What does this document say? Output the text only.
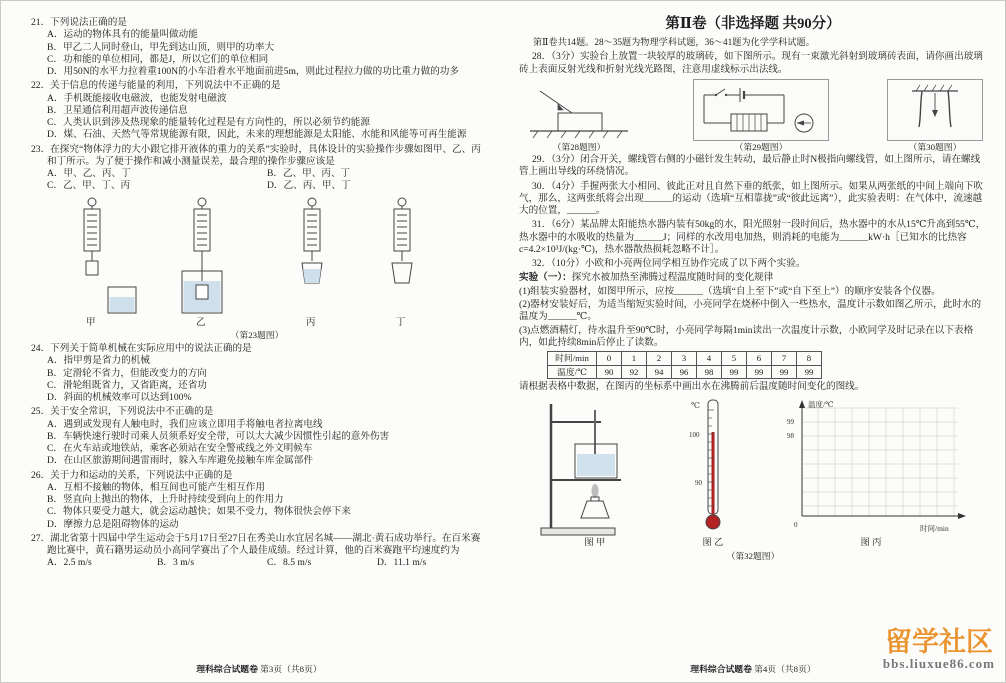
21．下列说法正确的是
A．运动的物体具有的能量叫做动能
B．甲乙二人同时登山，甲先到达山顶，则甲的功率大
C．功和能的单位相同，都是J，所以它们的单位相同
D．用50N的水平力拉着重100N的小车沿着水平地面前进5m，则此过程拉力做的功比重力做的功多
22．关于信息的传递与能量的利用，下列说法中不正确的是
A．手机既能接收电磁波，也能发射电磁波
B．卫星通信利用超声波传递信息
C．人类认识到涉及热现象的能量转化过程是有方向性的，所以必须节约能源
D．煤、石油、天然气等常规能源有限，因此，未来的理想能源是太阳能、水能和风能等可再生能源
23．在探究“物体浮力的大小跟它排开液体的重力的关系”实验时，具体设计的实验操作步骤如图甲、乙、丙和丁所示。为了便于操作和减小测量误差，最合理的操作步骤应该是
A．甲、乙、丙、丁	B．乙、甲、丙、丁
C．乙、甲、丁、丙	D．乙、丙、甲、丁
甲	乙	丙	丁
（第23题图）
24．下列关于简单机械在实际应用中的说法正确的是
A．指甲剪是省力的机械
B．定滑轮不省力，但能改变力的方向
C．滑轮组既省力，又省距离，还省功
D．斜面的机械效率可以达到100%
25．关于安全常识，下列说法中不正确的是
A．遇到或发现有人触电时，我们应该立即用手将触电者拉离电线
B．车辆快速行驶时司乘人员须系好安全带，可以大大减少因惯性引起的意外伤害
C．在火车站或地铁站，乘客必须站在安全警戒线之外文明候车
D．在山区旅游期间遇雷雨时，躲入车库避免接触车库金属部件
26．关于力和运动的关系，下列说法中正确的是
A．互相不接触的物体，相互间也可能产生相互作用
B．竖直向上抛出的物体，上升时持续受到向上的作用力
C．物体只要受力越大，就会运动越快；如果不受力，物体很快会停下来
D．摩擦力总是阻碍物体的运动
27．湖北省第十四届中学生运动会于5月17日至27日在秀美山水宜居名城——湖北·黄石成功举行。在百米赛跑比赛中，黄石籍男运动员小高同学赛出了个人最佳成绩。经过计算，他的百米赛跑平均速度约为
A．2.5 m/s	B．3 m/s	C．8.5 m/s	D．11.1 m/s
第Ⅱ卷（非选择题 共90分）
第Ⅱ卷共14题。28～35题为物理学科试题，36～41题为化学学科试题。
28．（3分）实验台上放置一块较厚的玻璃砖，如下图所示。现有一束激光斜射到玻璃砖表面，请你画出玻璃砖上表面反射光线和折射光线光路图，注意用虚线标示出法线。
（第28题图）	（第29题图）	（第30题图）
29．（3分）闭合开关，螺线管右侧的小磁针发生转动，最后静止时N极指向螺线管，如上图所示，请在螺线管上画出导线的环绕情况。
30．（4分）手握两张大小相同、彼此正对且自然下垂的纸张，如上图所示。如果从两张纸的中间上端向下吹气，那么，这两张纸将会出现______的运动（选填“互相靠拢”或“彼此远离”），此实验表明：在气体中，流速越大的位置，______。
31．（6分）某品牌太阳能热水器内装有50kg的水，阳光照射一段时间后，热水器中的水从15℃升高到55℃，热水器中的水吸收的热量为______J；同样的水改用电加热，则消耗的电能为______kW·h［已知水的比热容c=4.2×10³J/(kg·℃)，热水器散热损耗忽略不计］。
32．（10分）小欧和小亮两位同学相互协作完成了以下两个实验。
实验（一）：探究水被加热至沸腾过程温度随时间的变化规律
(1)组装实验器材，如图甲所示，应按______（选填“自上至下”或“自下至上”）的顺序安装各个仪器。
(2)器材安装好后，为适当缩短实验时间，小亮同学在烧杯中倒入一些热水，温度计示数如图乙所示，此时水的温度为______℃。
(3)点燃酒精灯，待水温升至90℃时，小亮同学每隔1min读出一次温度计示数，小欧同学及时记录在以下表格内，如此持续8min后停止了读数。
时间/min	0	1	2	3	4	5	6	7	8
温度/℃	90	92	94	96	98	99	99	99	99
请根据表格中数据，在图丙的坐标系中画出水在沸腾前后温度随时间变化的图线。
图 甲
℃
100
90
图 乙
温度/℃
99
98
0	时间/min
图 丙
（第32题图）
理科综合试题卷 第3页（共8页）	理科综合试题卷 第4页（共8页）
留学社区
bbs.liuxue86.com
